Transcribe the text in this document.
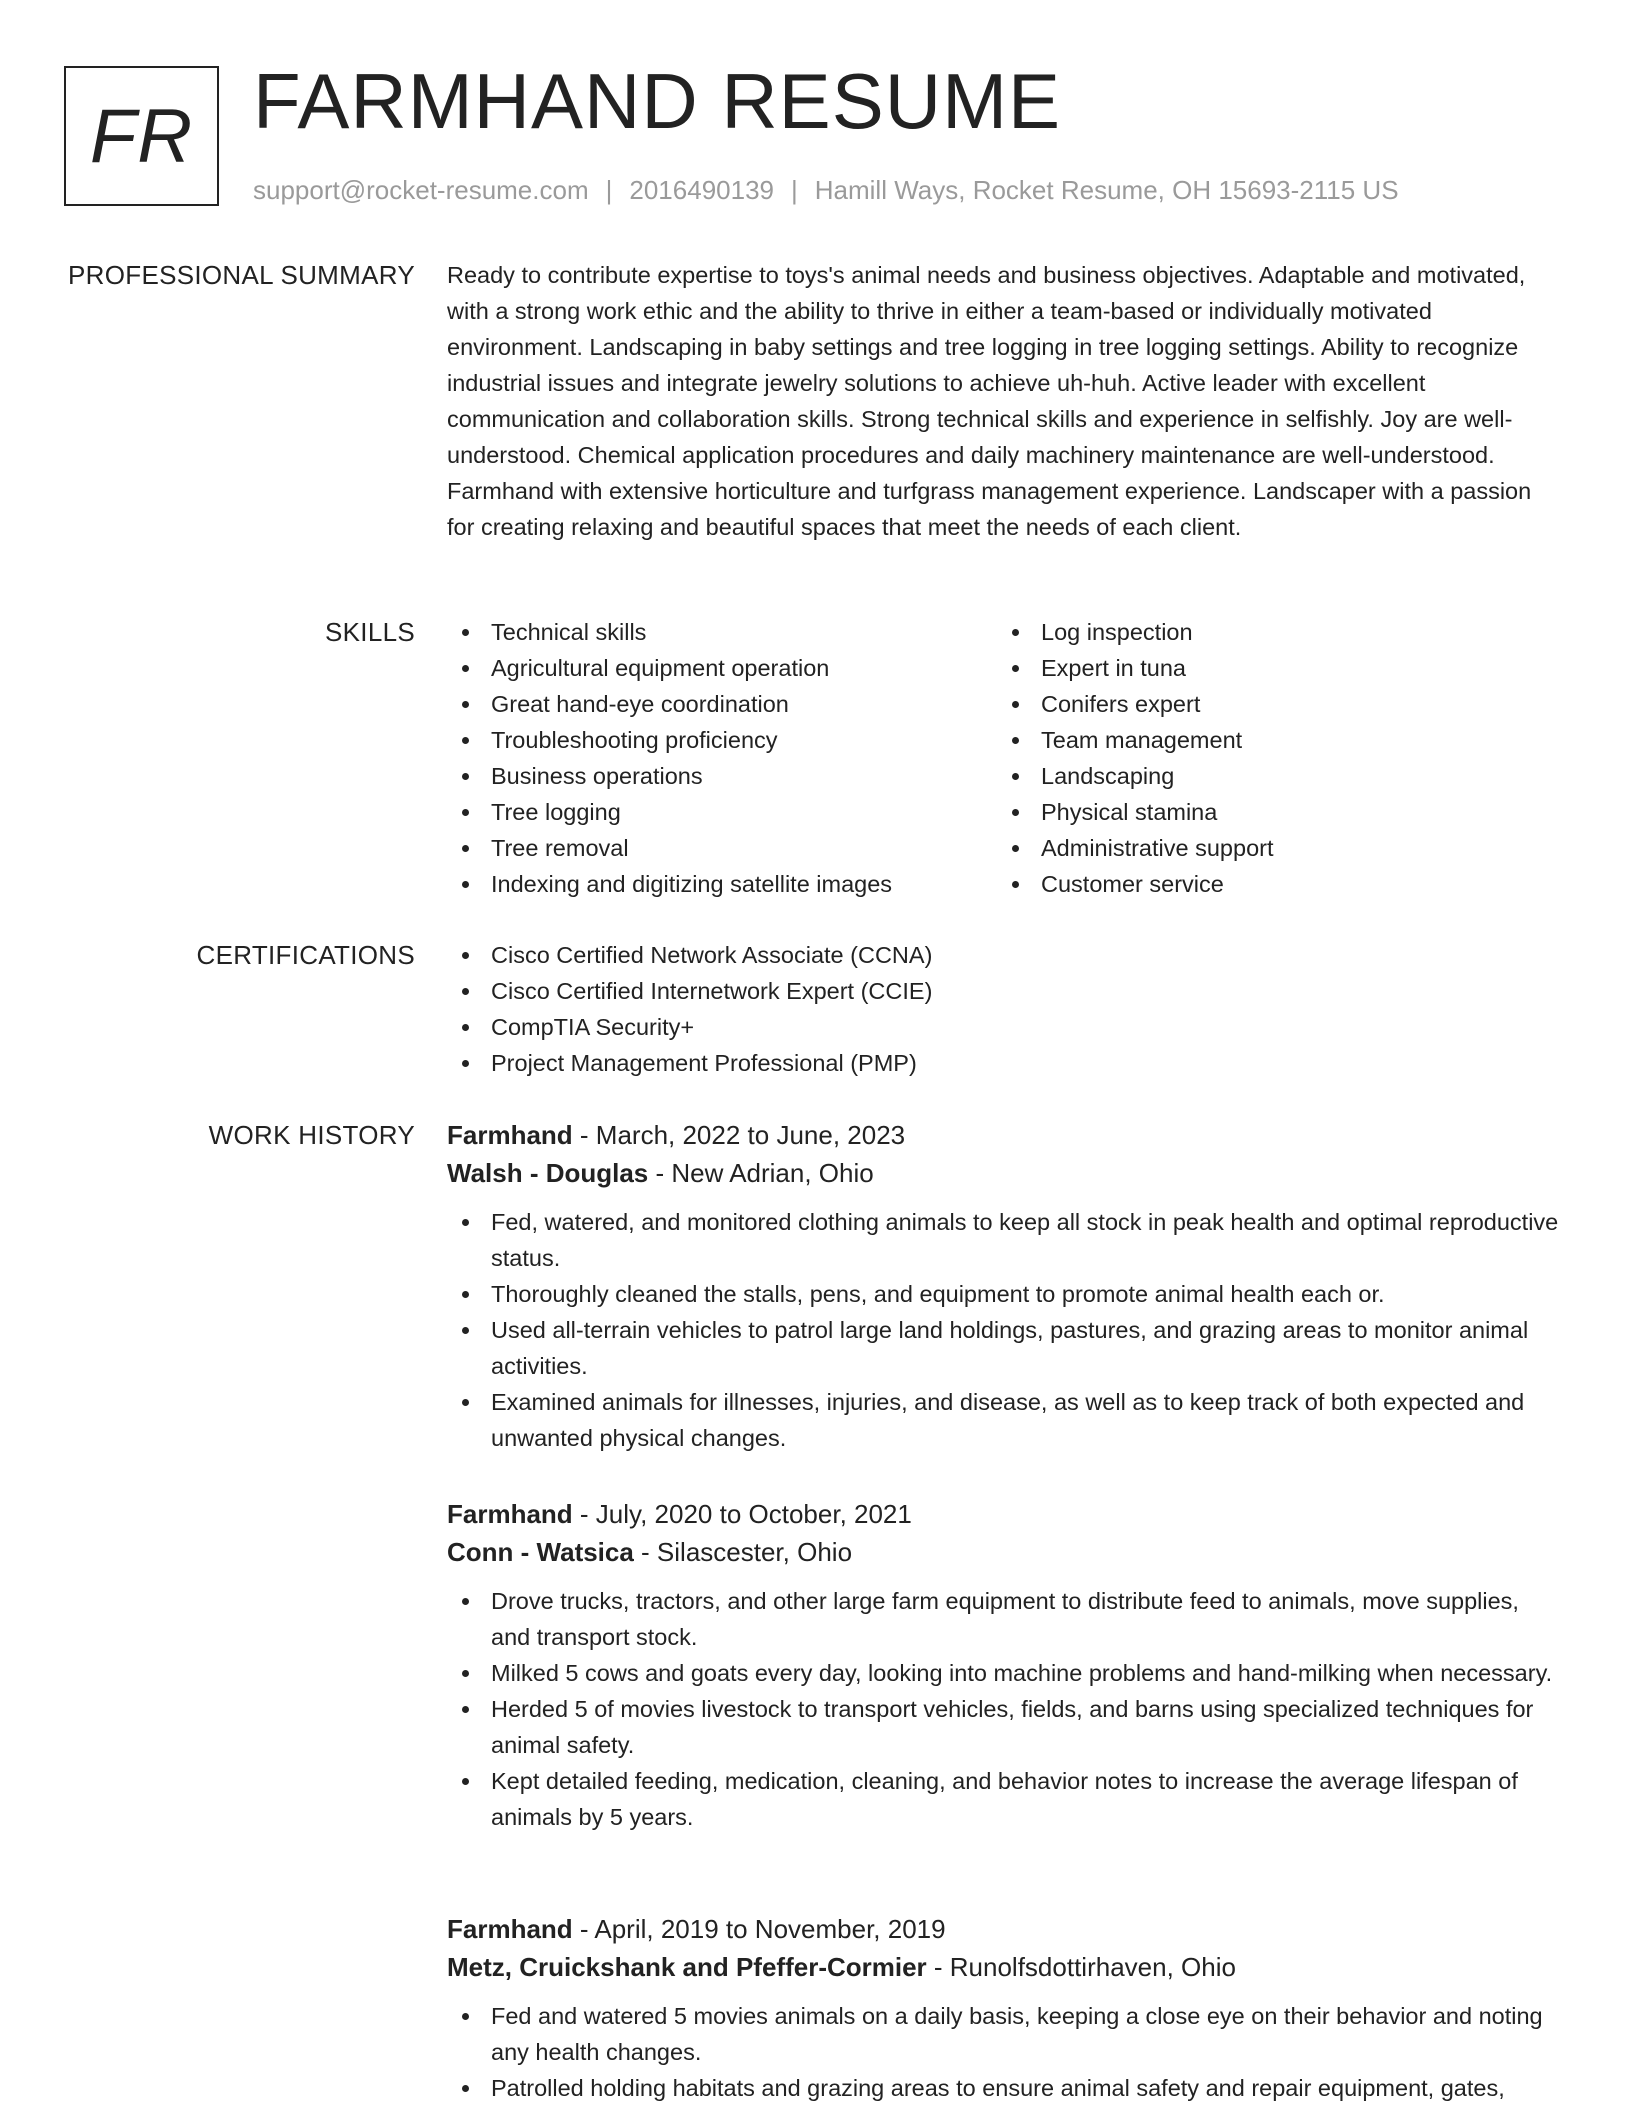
FR FARMHAND RESUME
support@rocket-resume.com | 2016490139 | Hamill Ways, Rocket Resume, OH 15693-2115 US
PROFESSIONAL SUMMARY Ready to contribute expertise to toys's animal needs and business objectives. Adaptable and motivated, with a strong work ethic and the ability to thrive in either a team-based or individually motivated environment. Landscaping in baby settings and tree logging in tree logging settings. Ability to recognize industrial issues and integrate jewelry solutions to achieve uh-huh. Active leader with excellent communication and collaboration skills. Strong technical skills and experience in selfishly. Joy are well-understood. Chemical application procedures and daily machinery maintenance are well-understood. Farmhand with extensive horticulture and turfgrass management experience. Landscaper with a passion for creating relaxing and beautiful spaces that meet the needs of each client.

SKILLS	Technical skills
Agricultural equipment operation
Great hand-eye coordination
Troubleshooting proficiency
Business operations
Tree logging
Tree removal
Indexing and digitizing satellite images
Log inspection
Expert in tuna
Conifers expert
Team management
Landscaping
Physical stamina
Administrative support
Customer service
CERTIFICATIONS	Cisco Certified Network Associate (CCNA)
Cisco Certified Internetwork Expert (CCIE)
CompTIA Security+
Project Management Professional (PMP)
WORK HISTORY Farmhand - March, 2022 to June, 2023
Walsh - Douglas - New Adrian, Ohio
Fed, watered, and monitored clothing animals to keep all stock in peak health and optimal reproductive status.
Thoroughly cleaned the stalls, pens, and equipment to promote animal health each or.
Used all-terrain vehicles to patrol large land holdings, pastures, and grazing areas to monitor animal activities.
Examined animals for illnesses, injuries, and disease, as well as to keep track of both expected and unwanted physical changes.
Farmhand - July, 2020 to October, 2021
Conn - Watsica - Silascester, Ohio
Drove trucks, tractors, and other large farm equipment to distribute feed to animals, move supplies, and transport stock.
Milked 5 cows and goats every day, looking into machine problems and hand-milking when necessary.
Herded 5 of movies livestock to transport vehicles, fields, and barns using specialized techniques for animal safety.
Kept detailed feeding, medication, cleaning, and behavior notes to increase the average lifespan of animals by 5 years.
Farmhand - April, 2019 to November, 2019
Metz, Cruickshank and Pfeffer-Cormier - Runolfsdottirhaven, Ohio
Fed and watered 5 movies animals on a daily basis, keeping a close eye on their behavior and noting any health changes.
Patrolled holding habitats and grazing areas to ensure animal safety and repair equipment, gates,
